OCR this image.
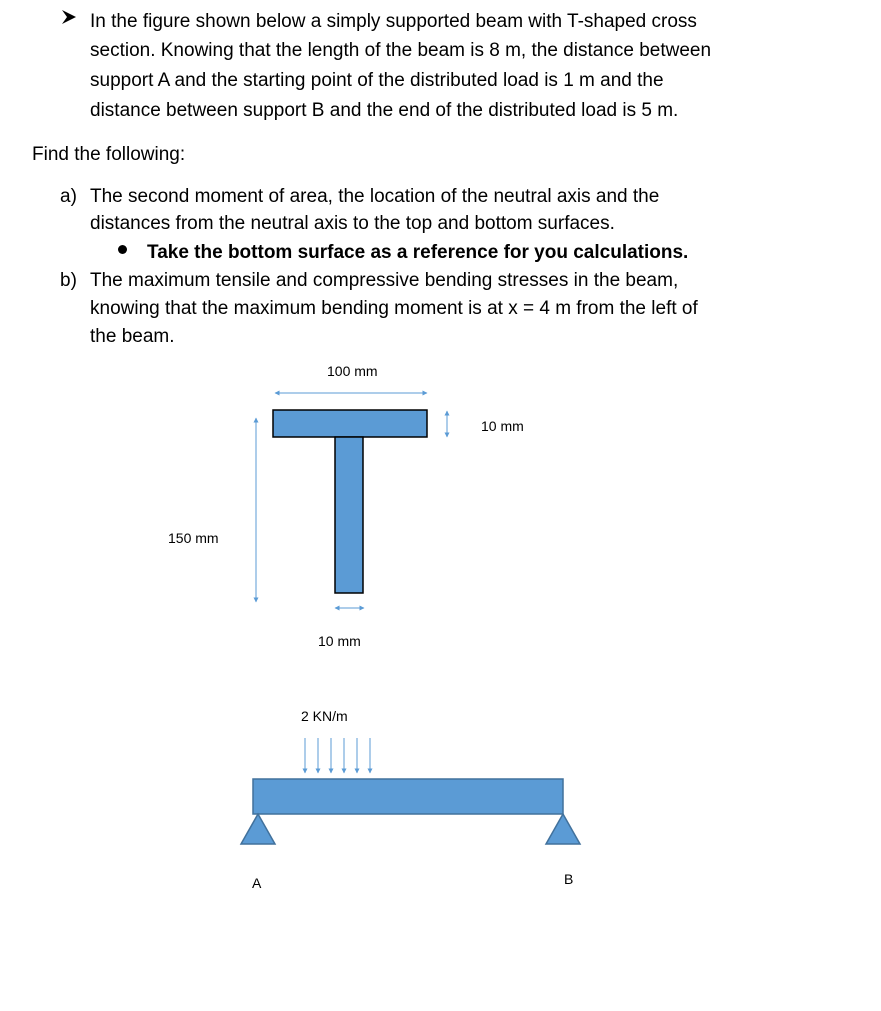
In the figure shown below a simply supported beam with T-shaped cross
section. Knowing that the length of the beam is 8 m, the distance between
support A and the starting point of the distributed load is 1 m and the
distance between support B and the end of the distributed load is 5 m.
Find the following:
a) The second moment of area, the location of the neutral axis and the
distances from the neutral axis to the top and bottom surfaces.
Take the bottom surface as a reference for you calculations.
b) The maximum tensile and compressive bending stresses in the beam,
knowing that the maximum bending moment is at x = 4 m from the left of
the beam.
100 mm
10 mm
150 mm
10 mm
2 KN/m
A	B
